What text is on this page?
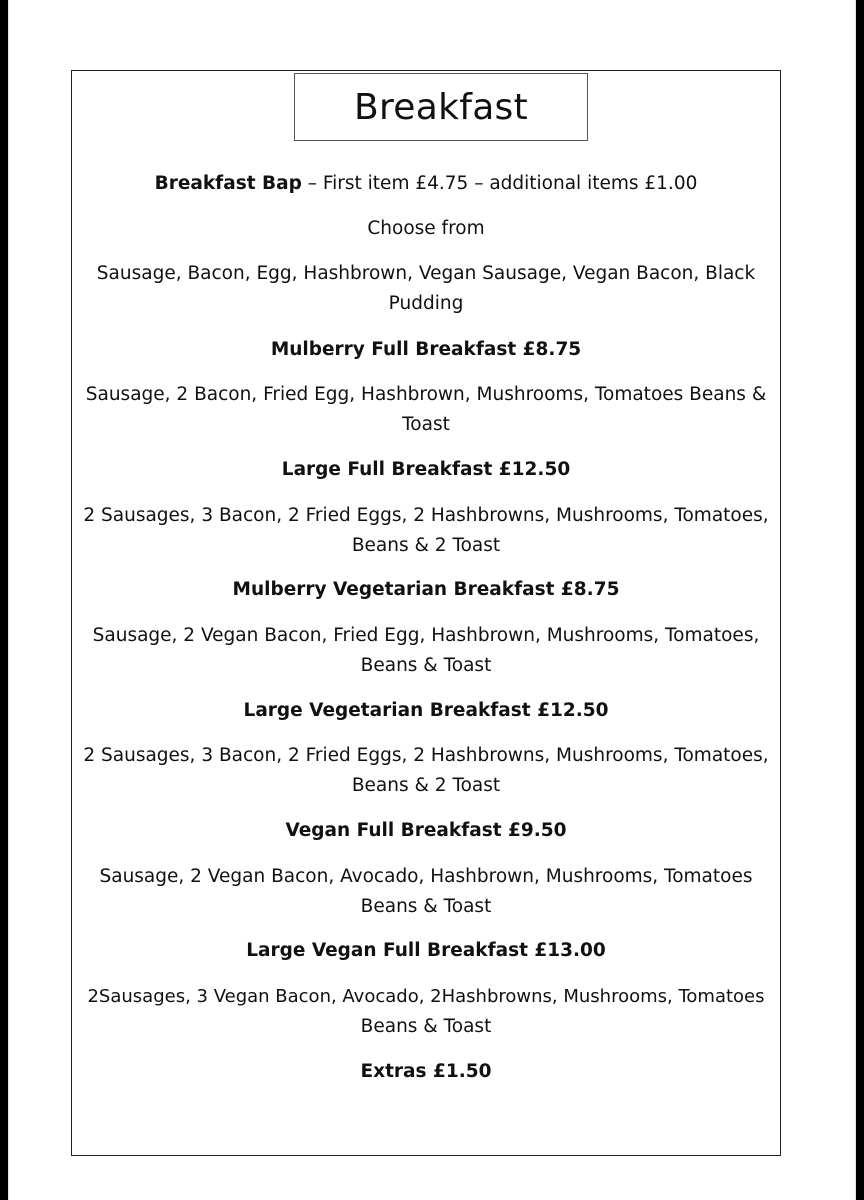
Breakfast
Breakfast Bap – First item £4.75 – additional items £1.00
Choose from
Sausage, Bacon, Egg, Hashbrown, Vegan Sausage, Vegan Bacon, Black
Pudding
Mulberry Full Breakfast £8.75
Sausage, 2 Bacon, Fried Egg, Hashbrown, Mushrooms, Tomatoes Beans &
Toast
Large Full Breakfast £12.50
2 Sausages, 3 Bacon, 2 Fried Eggs, 2 Hashbrowns, Mushrooms, Tomatoes,
Beans & 2 Toast
Mulberry Vegetarian Breakfast £8.75
Sausage, 2 Vegan Bacon, Fried Egg, Hashbrown, Mushrooms, Tomatoes,
Beans & Toast
Large Vegetarian Breakfast £12.50
2 Sausages, 3 Bacon, 2 Fried Eggs, 2 Hashbrowns, Mushrooms, Tomatoes,
Beans & 2 Toast
Vegan Full Breakfast £9.50
Sausage, 2 Vegan Bacon, Avocado, Hashbrown, Mushrooms, Tomatoes
Beans & Toast
Large Vegan Full Breakfast £13.00
2Sausages, 3 Vegan Bacon, Avocado, 2Hashbrowns, Mushrooms, Tomatoes
Beans & Toast
Extras £1.50
